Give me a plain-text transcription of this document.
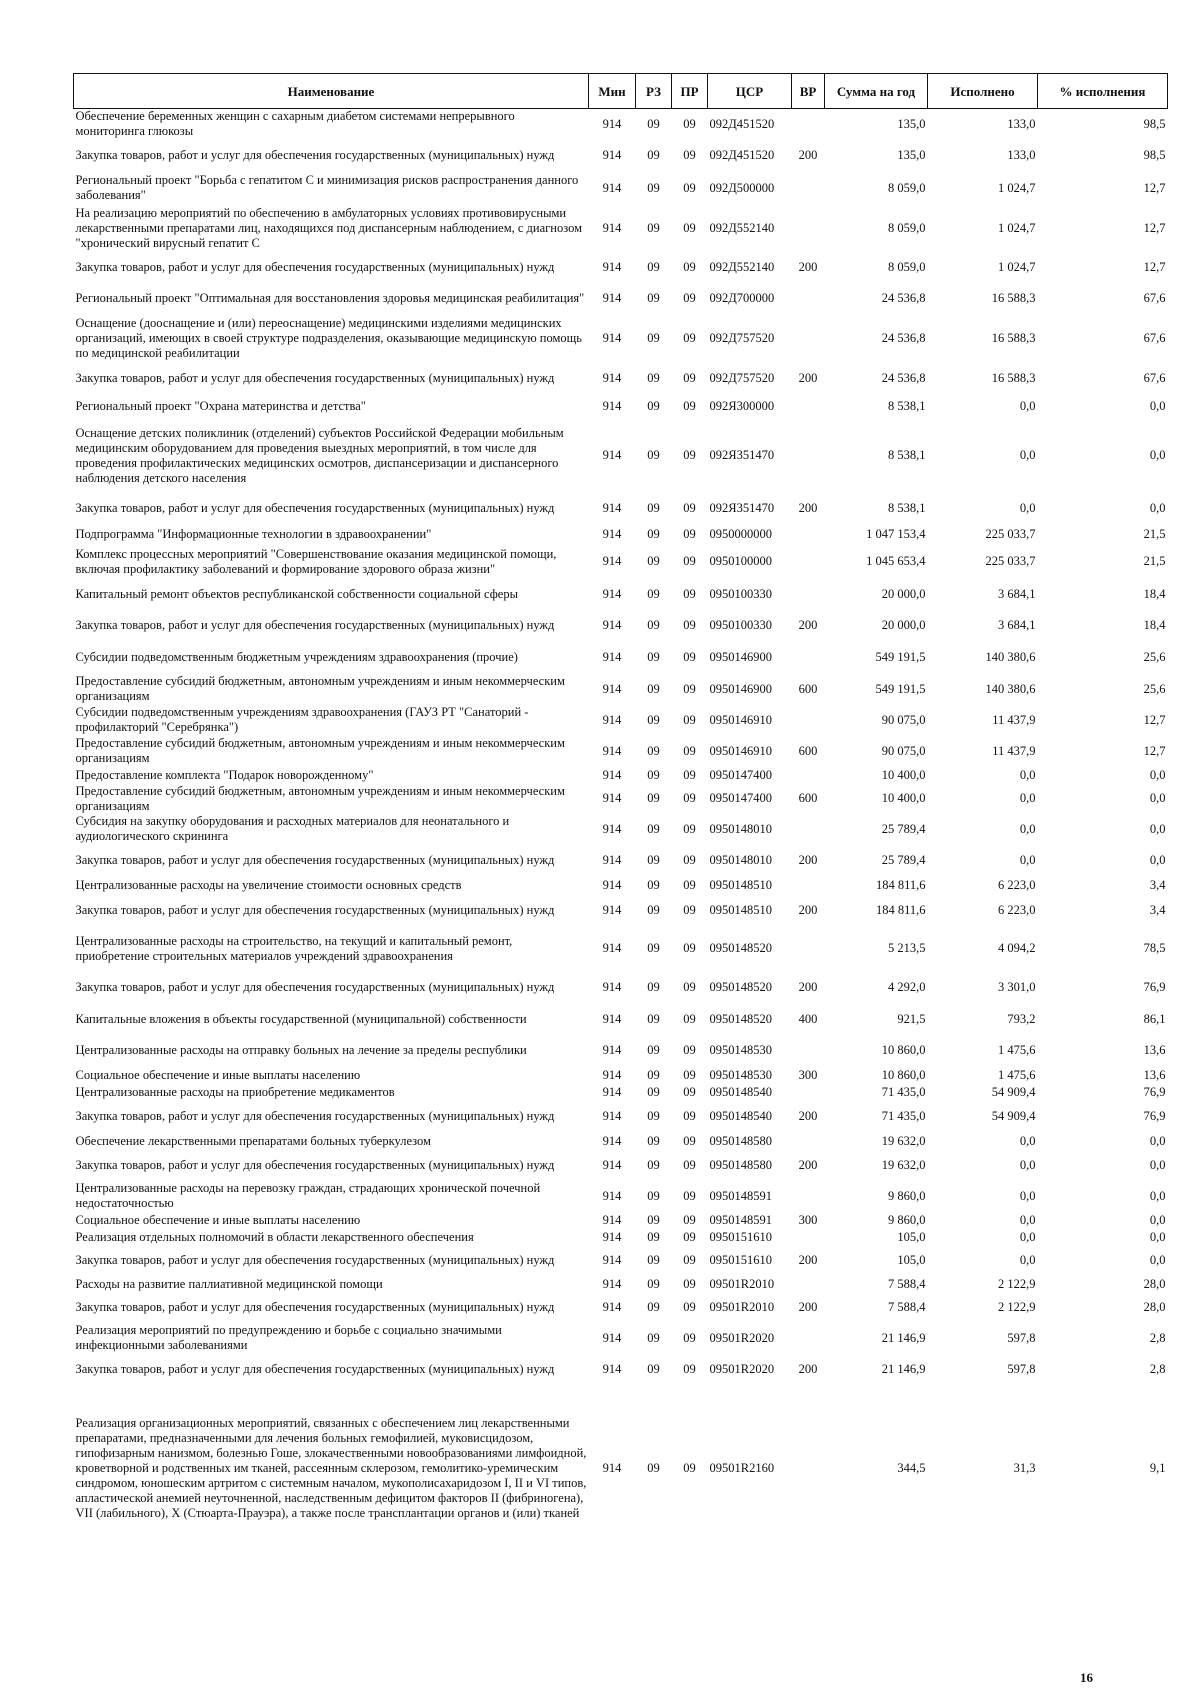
Наименование	Мин	РЗ	ПР	ЦСР	ВР	Сумма на год	Исполнено	% исполнения
Обеспечение беременных женщин с сахарным диабетом системами непрерывного мониторинга глюкозы	914	09	09	092Д451520		135,0	133,0	98,5
Закупка товаров, работ и услуг для обеспечения государственных (муниципальных) нужд	914	09	09	092Д451520	200	135,0	133,0	98,5
Региональный проект "Борьба с гепатитом С и минимизация рисков распространения данного заболевания"	914	09	09	092Д500000		8 059,0	1 024,7	12,7
На реализацию мероприятий по обеспечению в амбулаторных условиях противовирусными лекарственными препаратами лиц, находящихся под диспансерным наблюдением, с диагнозом "хронический вирусный гепатит С	914	09	09	092Д552140		8 059,0	1 024,7	12,7
Закупка товаров, работ и услуг для обеспечения государственных (муниципальных) нужд	914	09	09	092Д552140	200	8 059,0	1 024,7	12,7
Региональный проект "Оптимальная для восстановления здоровья медицинская реабилитация"	914	09	09	092Д700000		24 536,8	16 588,3	67,6
Оснащение (дооснащение и (или) переоснащение) медицинскими изделиями медицинских организаций, имеющих в своей структуре подразделения, оказывающие медицинскую помощь по медицинской реабилитации	914	09	09	092Д757520		24 536,8	16 588,3	67,6
Закупка товаров, работ и услуг для обеспечения государственных (муниципальных) нужд	914	09	09	092Д757520	200	24 536,8	16 588,3	67,6
Региональный проект "Охрана материнства и детства"	914	09	09	092Я300000		8 538,1	0,0	0,0
Оснащение детских поликлиник (отделений) субъектов Российской Федерации мобильным медицинским оборудованием для проведения выездных мероприятий, в том числе для проведения профилактических медицинских осмотров, диспансеризации и диспансерного наблюдения детского населения	914	09	09	092Я351470		8 538,1	0,0	0,0
Закупка товаров, работ и услуг для обеспечения государственных (муниципальных) нужд	914	09	09	092Я351470	200	8 538,1	0,0	0,0
Подпрограмма "Информационные технологии в здравоохранении"	914	09	09	0950000000		1 047 153,4	225 033,7	21,5
Комплекс процессных мероприятий "Совершенствование оказания медицинской помощи, включая профилактику заболеваний и формирование здорового образа жизни"	914	09	09	0950100000		1 045 653,4	225 033,7	21,5
Капитальный ремонт объектов республиканской собственности социальной сферы	914	09	09	0950100330		20 000,0	3 684,1	18,4
Закупка товаров, работ и услуг для обеспечения государственных (муниципальных) нужд	914	09	09	0950100330	200	20 000,0	3 684,1	18,4
Субсидии подведомственным бюджетным учреждениям здравоохранения (прочие)	914	09	09	0950146900		549 191,5	140 380,6	25,6
Предоставление субсидий бюджетным, автономным учреждениям и иным некоммерческим организациям	914	09	09	0950146900	600	549 191,5	140 380,6	25,6
Субсидии подведомственным учреждениям здравоохранения (ГАУЗ РТ "Санаторий - профилакторий "Серебрянка")	914	09	09	0950146910		90 075,0	11 437,9	12,7
Предоставление субсидий бюджетным, автономным учреждениям и иным некоммерческим организациям	914	09	09	0950146910	600	90 075,0	11 437,9	12,7
Предоставление комплекта "Подарок новорожденному"	914	09	09	0950147400		10 400,0	0,0	0,0
Предоставление субсидий бюджетным, автономным учреждениям и иным некоммерческим организациям	914	09	09	0950147400	600	10 400,0	0,0	0,0
Субсидия на закупку оборудования и расходных материалов для неонатального и аудиологического скрининга	914	09	09	0950148010		25 789,4	0,0	0,0
Закупка товаров, работ и услуг для обеспечения государственных (муниципальных) нужд	914	09	09	0950148010	200	25 789,4	0,0	0,0
Централизованные расходы на увеличение стоимости основных средств	914	09	09	0950148510		184 811,6	6 223,0	3,4
Закупка товаров, работ и услуг для обеспечения государственных (муниципальных) нужд	914	09	09	0950148510	200	184 811,6	6 223,0	3,4
Централизованные расходы на строительство, на текущий и капитальный ремонт, приобретение строительных материалов учреждений здравоохранения	914	09	09	0950148520		5 213,5	4 094,2	78,5
Закупка товаров, работ и услуг для обеспечения государственных (муниципальных) нужд	914	09	09	0950148520	200	4 292,0	3 301,0	76,9
Капитальные вложения в объекты государственной (муниципальной) собственности	914	09	09	0950148520	400	921,5	793,2	86,1
Централизованные расходы на отправку больных на лечение за пределы республики	914	09	09	0950148530		10 860,0	1 475,6	13,6
Социальное обеспечение и иные выплаты населению	914	09	09	0950148530	300	10 860,0	1 475,6	13,6
Централизованные расходы на приобретение медикаментов	914	09	09	0950148540		71 435,0	54 909,4	76,9
Закупка товаров, работ и услуг для обеспечения государственных (муниципальных) нужд	914	09	09	0950148540	200	71 435,0	54 909,4	76,9
Обеспечение лекарственными препаратами больных туберкулезом	914	09	09	0950148580		19 632,0	0,0	0,0
Закупка товаров, работ и услуг для обеспечения государственных (муниципальных) нужд	914	09	09	0950148580	200	19 632,0	0,0	0,0
Централизованные расходы на перевозку граждан, страдающих хронической почечной недостаточностью	914	09	09	0950148591		9 860,0	0,0	0,0
Социальное обеспечение и иные выплаты населению	914	09	09	0950148591	300	9 860,0	0,0	0,0
Реализация отдельных полномочий в области лекарственного обеспечения	914	09	09	0950151610		105,0	0,0	0,0
Закупка товаров, работ и услуг для обеспечения государственных (муниципальных) нужд	914	09	09	0950151610	200	105,0	0,0	0,0
Расходы на развитие паллиативной медицинской помощи	914	09	09	09501R2010		7 588,4	2 122,9	28,0
Закупка товаров, работ и услуг для обеспечения государственных (муниципальных) нужд	914	09	09	09501R2010	200	7 588,4	2 122,9	28,0
Реализация мероприятий по предупреждению и борьбе с социально значимыми инфекционными заболеваниями	914	09	09	09501R2020		21 146,9	597,8	2,8
Закупка товаров, работ и услуг для обеспечения государственных (муниципальных) нужд	914	09	09	09501R2020	200	21 146,9	597,8	2,8
Реализация организационных мероприятий, связанных с обеспечением лиц лекарственными препаратами, предназначенными для лечения больных гемофилией, муковисцидозом, гипофизарным нанизмом, болезнью Гоше, злокачественными новообразованиями лимфоидной, кроветворной и родственных им тканей, рассеянным склерозом, гемолитико-уремическим синдромом, юношеским артритом с системным началом, мукополисахаридозом I, II и VI типов, апластической анемией неуточненной, наследственным дефицитом факторов II (фибриногена), VII (лабильного), X (Стюарта-Прауэра), а также после трансплантации органов и (или) тканей	914	09	09	09501R2160		344,5	31,3	9,1
16
